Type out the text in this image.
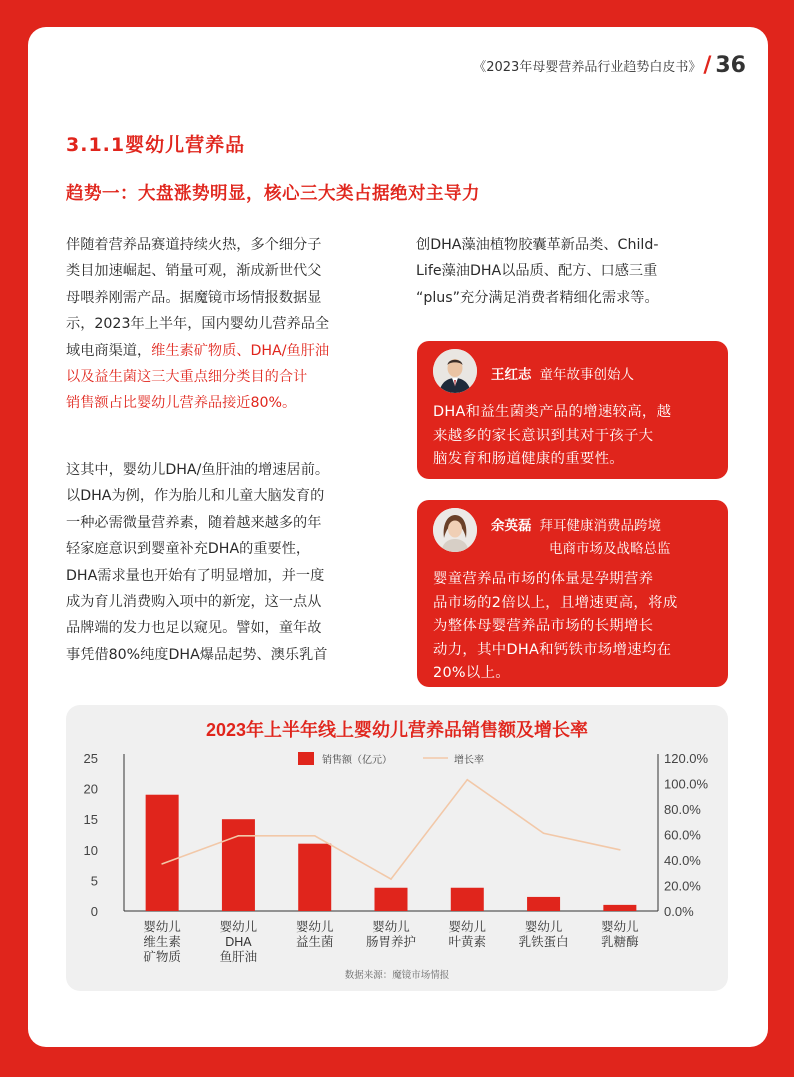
《2023年母婴营养品行业趋势白皮书》 / 36
3.1.1婴幼儿营养品
趋势一：大盘涨势明显，核心三大类占据绝对主导力
伴随着营养品赛道持续火热，多个细分子
类目加速崛起、销量可观，渐成新世代父
母喂养刚需产品。据魔镜市场情报数据显
示，2023年上半年，国内婴幼儿营养品全
域电商渠道，维生素矿物质、DHA/鱼肝油
以及益生菌这三大重点细分类目的合计
销售额占比婴幼儿营养品接近80%。
这其中，婴幼儿DHA/鱼肝油的增速居前。
以DHA为例，作为胎儿和儿童大脑发育的
一种必需微量营养素，随着越来越多的年
轻家庭意识到婴童补充DHA的重要性，
DHA需求量也开始有了明显增加，并一度
成为育儿消费购入项中的新宠，这一点从
品牌端的发力也足以窥见。譬如，童年故
事凭借80%纯度DHA爆品起势、澳乐乳首
创DHA藻油植物胶囊革新品类、Child-
Life藻油DHA以品质、配方、口感三重
“plus”充分满足消费者精细化需求等。
王红志 童年故事创始人
DHA和益生菌类产品的增速较高，越
来越多的家长意识到其对于孩子大
脑发育和肠道健康的重要性。
余英磊 拜耳健康消费品跨境
电商市场及战略总监
婴童营养品市场的体量是孕期营养
品市场的2倍以上，且增速更高，将成
为整体母婴营养品市场的长期增长
动力，其中DHA和钙铁市场增速均在
20%以上。
2023年上半年线上婴幼儿营养品销售额及增长率
销售额（亿元）	增长率
0
5
10
15
20
25
0.0%
20.0%
40.0%
60.0%
80.0%
100.0%
120.0%
婴幼儿
维生素
矿物质
婴幼儿
DHA
鱼肝油
婴幼儿
益生菌
婴幼儿
肠胃养护
婴幼儿
叶黄素
婴幼儿
乳铁蛋白
婴幼儿
乳糖酶
数据来源：魔镜市场情报
